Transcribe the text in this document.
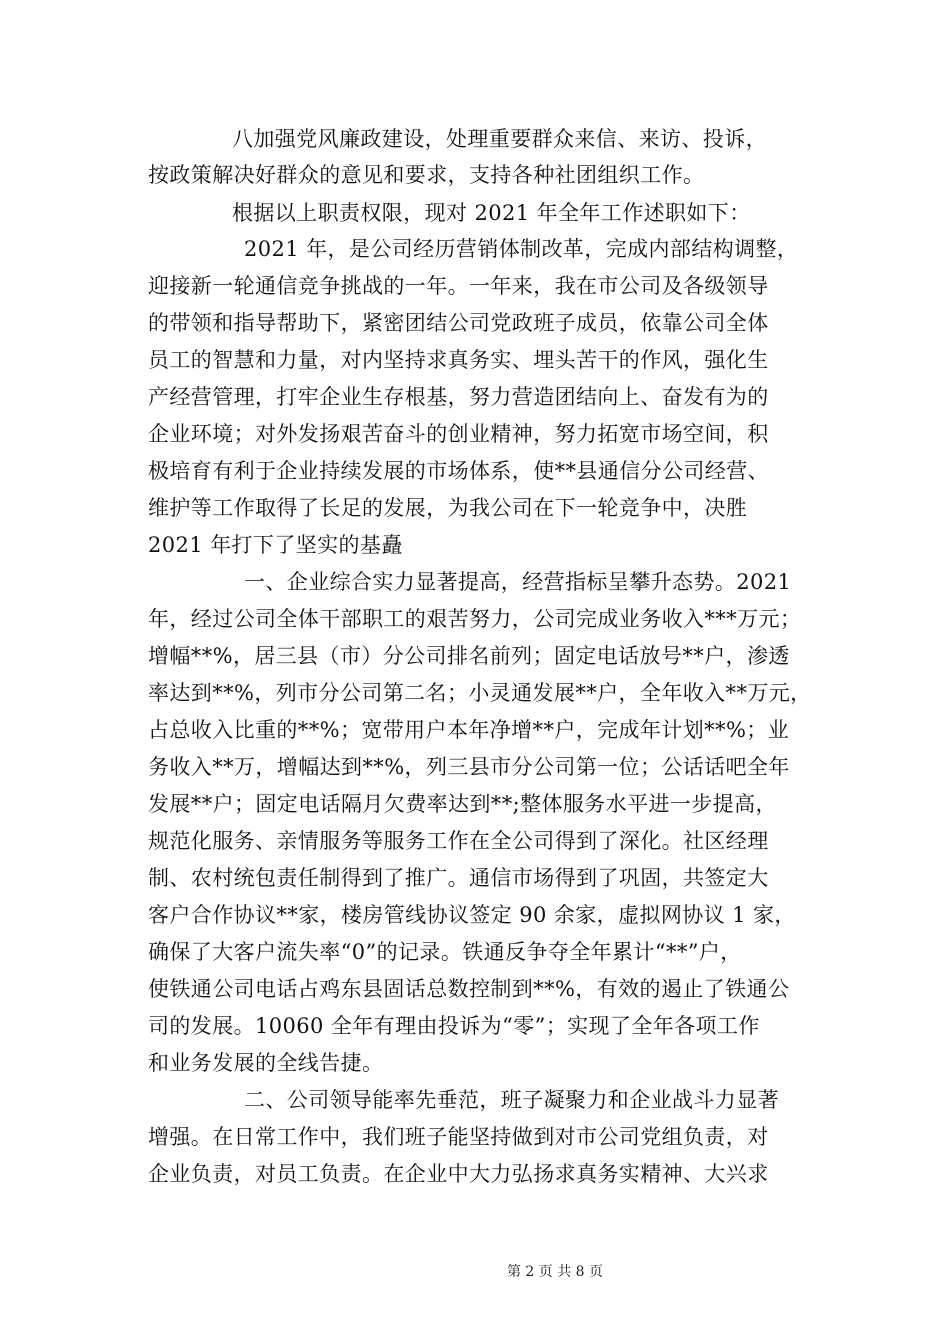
八加强党风廉政建设，处理重要群众来信、来访、投诉，
按政策解决好群众的意见和要求，支持各种社团组织工作。
根据以上职责权限，现对 2021 年全年工作述职如下：
2021 年，是公司经历营销体制改革，完成内部结构调整，
迎接新一轮通信竞争挑战的一年。一年来，我在市公司及各级领导
的带领和指导帮助下，紧密团结公司党政班子成员，依靠公司全体
员工的智慧和力量，对内坚持求真务实、埋头苦干的作风，强化生
产经营管理，打牢企业生存根基，努力营造团结向上、奋发有为的
企业环境；对外发扬艰苦奋斗的创业精神，努力拓宽市场空间，积
极培育有利于企业持续发展的市场体系，使**县通信分公司经营、
维护等工作取得了长足的发展，为我公司在下一轮竞争中，决胜
2021 年打下了坚实的基矗
一、企业综合实力显著提高，经营指标呈攀升态势。2021
年，经过公司全体干部职工的艰苦努力，公司完成业务收入***万元；
增幅**%，居三县（市）分公司排名前列；固定电话放号**户，渗透
率达到**%，列市分公司第二名；小灵通发展**户，全年收入**万元，
占总收入比重的**%；宽带用户本年净增**户，完成年计划**%；业
务收入**万，增幅达到**%，列三县市分公司第一位；公话话吧全年
发展**户；固定电话隔月欠费率达到**;整体服务水平进一步提高，
规范化服务、亲情服务等服务工作在全公司得到了深化。社区经理
制、农村统包责任制得到了推广。通信市场得到了巩固，共签定大
客户合作协议**家，楼房管线协议签定 90 余家，虚拟网协议 1 家，
确保了大客户流失率“0”的记录。铁通反争夺全年累计“**”户，
使铁通公司电话占鸡东县固话总数控制到**%，有效的遏止了铁通公
司的发展。10060 全年有理由投诉为“零”；实现了全年各项工作
和业务发展的全线告捷。
二、公司领导能率先垂范，班子凝聚力和企业战斗力显著
增强。在日常工作中，我们班子能坚持做到对市公司党组负责，对
企业负责，对员工负责。在企业中大力弘扬求真务实精神、大兴求
第 2 页 共 8 页
